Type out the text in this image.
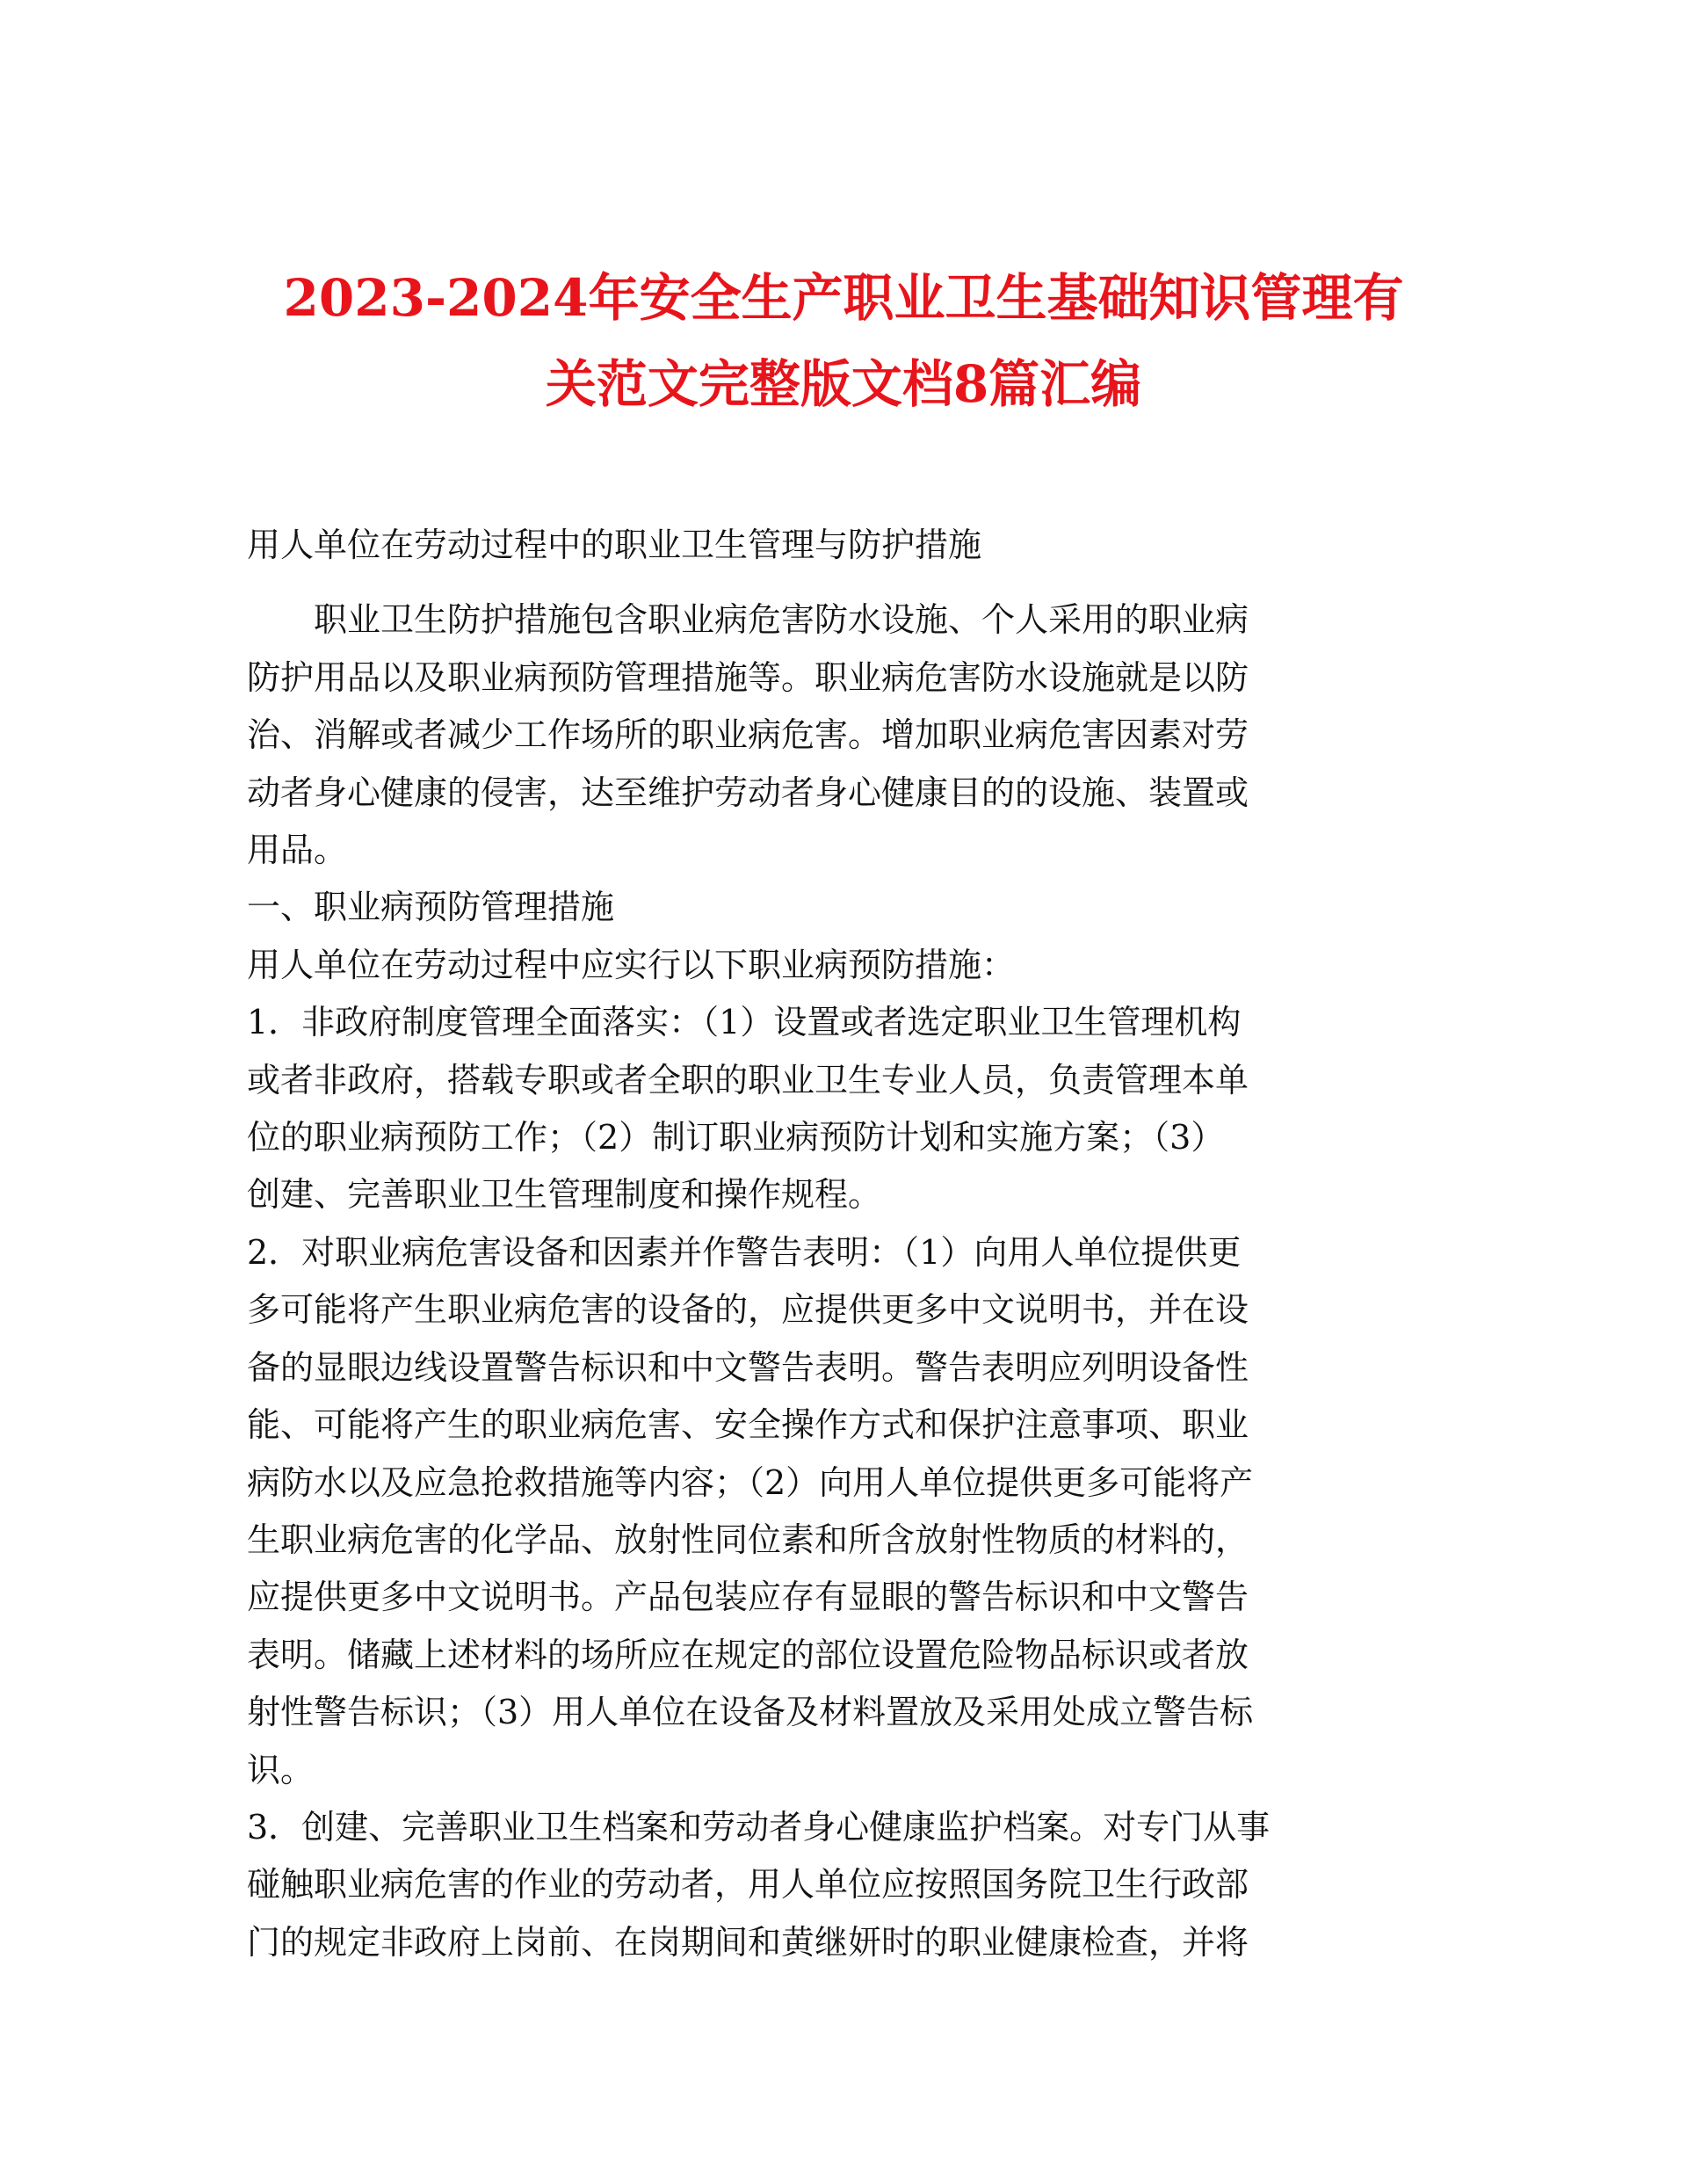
2023-2024年安全生产职业卫生基础知识管理有
关范文完整版文档8篇汇编
用人单位在劳动过程中的职业卫生管理与防护措施
职业卫生防护措施包含职业病危害防水设施、个人采用的职业病
防护用品以及职业病预防管理措施等。职业病危害防水设施就是以防
治、消解或者减少工作场所的职业病危害。增加职业病危害因素对劳
动者身心健康的侵害，达至维护劳动者身心健康目的的设施、装置或
用品。
一、职业病预防管理措施
用人单位在劳动过程中应实行以下职业病预防措施：
1．非政府制度管理全面落实：（1）设置或者选定职业卫生管理机构
或者非政府，搭载专职或者全职的职业卫生专业人员，负责管理本单
位的职业病预防工作；（2）制订职业病预防计划和实施方案；（3）
创建、完善职业卫生管理制度和操作规程。
2．对职业病危害设备和因素并作警告表明：（1）向用人单位提供更
多可能将产生职业病危害的设备的，应提供更多中文说明书，并在设
备的显眼边线设置警告标识和中文警告表明。警告表明应列明设备性
能、可能将产生的职业病危害、安全操作方式和保护注意事项、职业
病防水以及应急抢救措施等内容；（2）向用人单位提供更多可能将产
生职业病危害的化学品、放射性同位素和所含放射性物质的材料的，
应提供更多中文说明书。产品包装应存有显眼的警告标识和中文警告
表明。储藏上述材料的场所应在规定的部位设置危险物品标识或者放
射性警告标识；（3）用人单位在设备及材料置放及采用处成立警告标
识。
3．创建、完善职业卫生档案和劳动者身心健康监护档案。对专门从事
碰触职业病危害的作业的劳动者，用人单位应按照国务院卫生行政部
门的规定非政府上岗前、在岗期间和黄继妍时的职业健康检查，并将
